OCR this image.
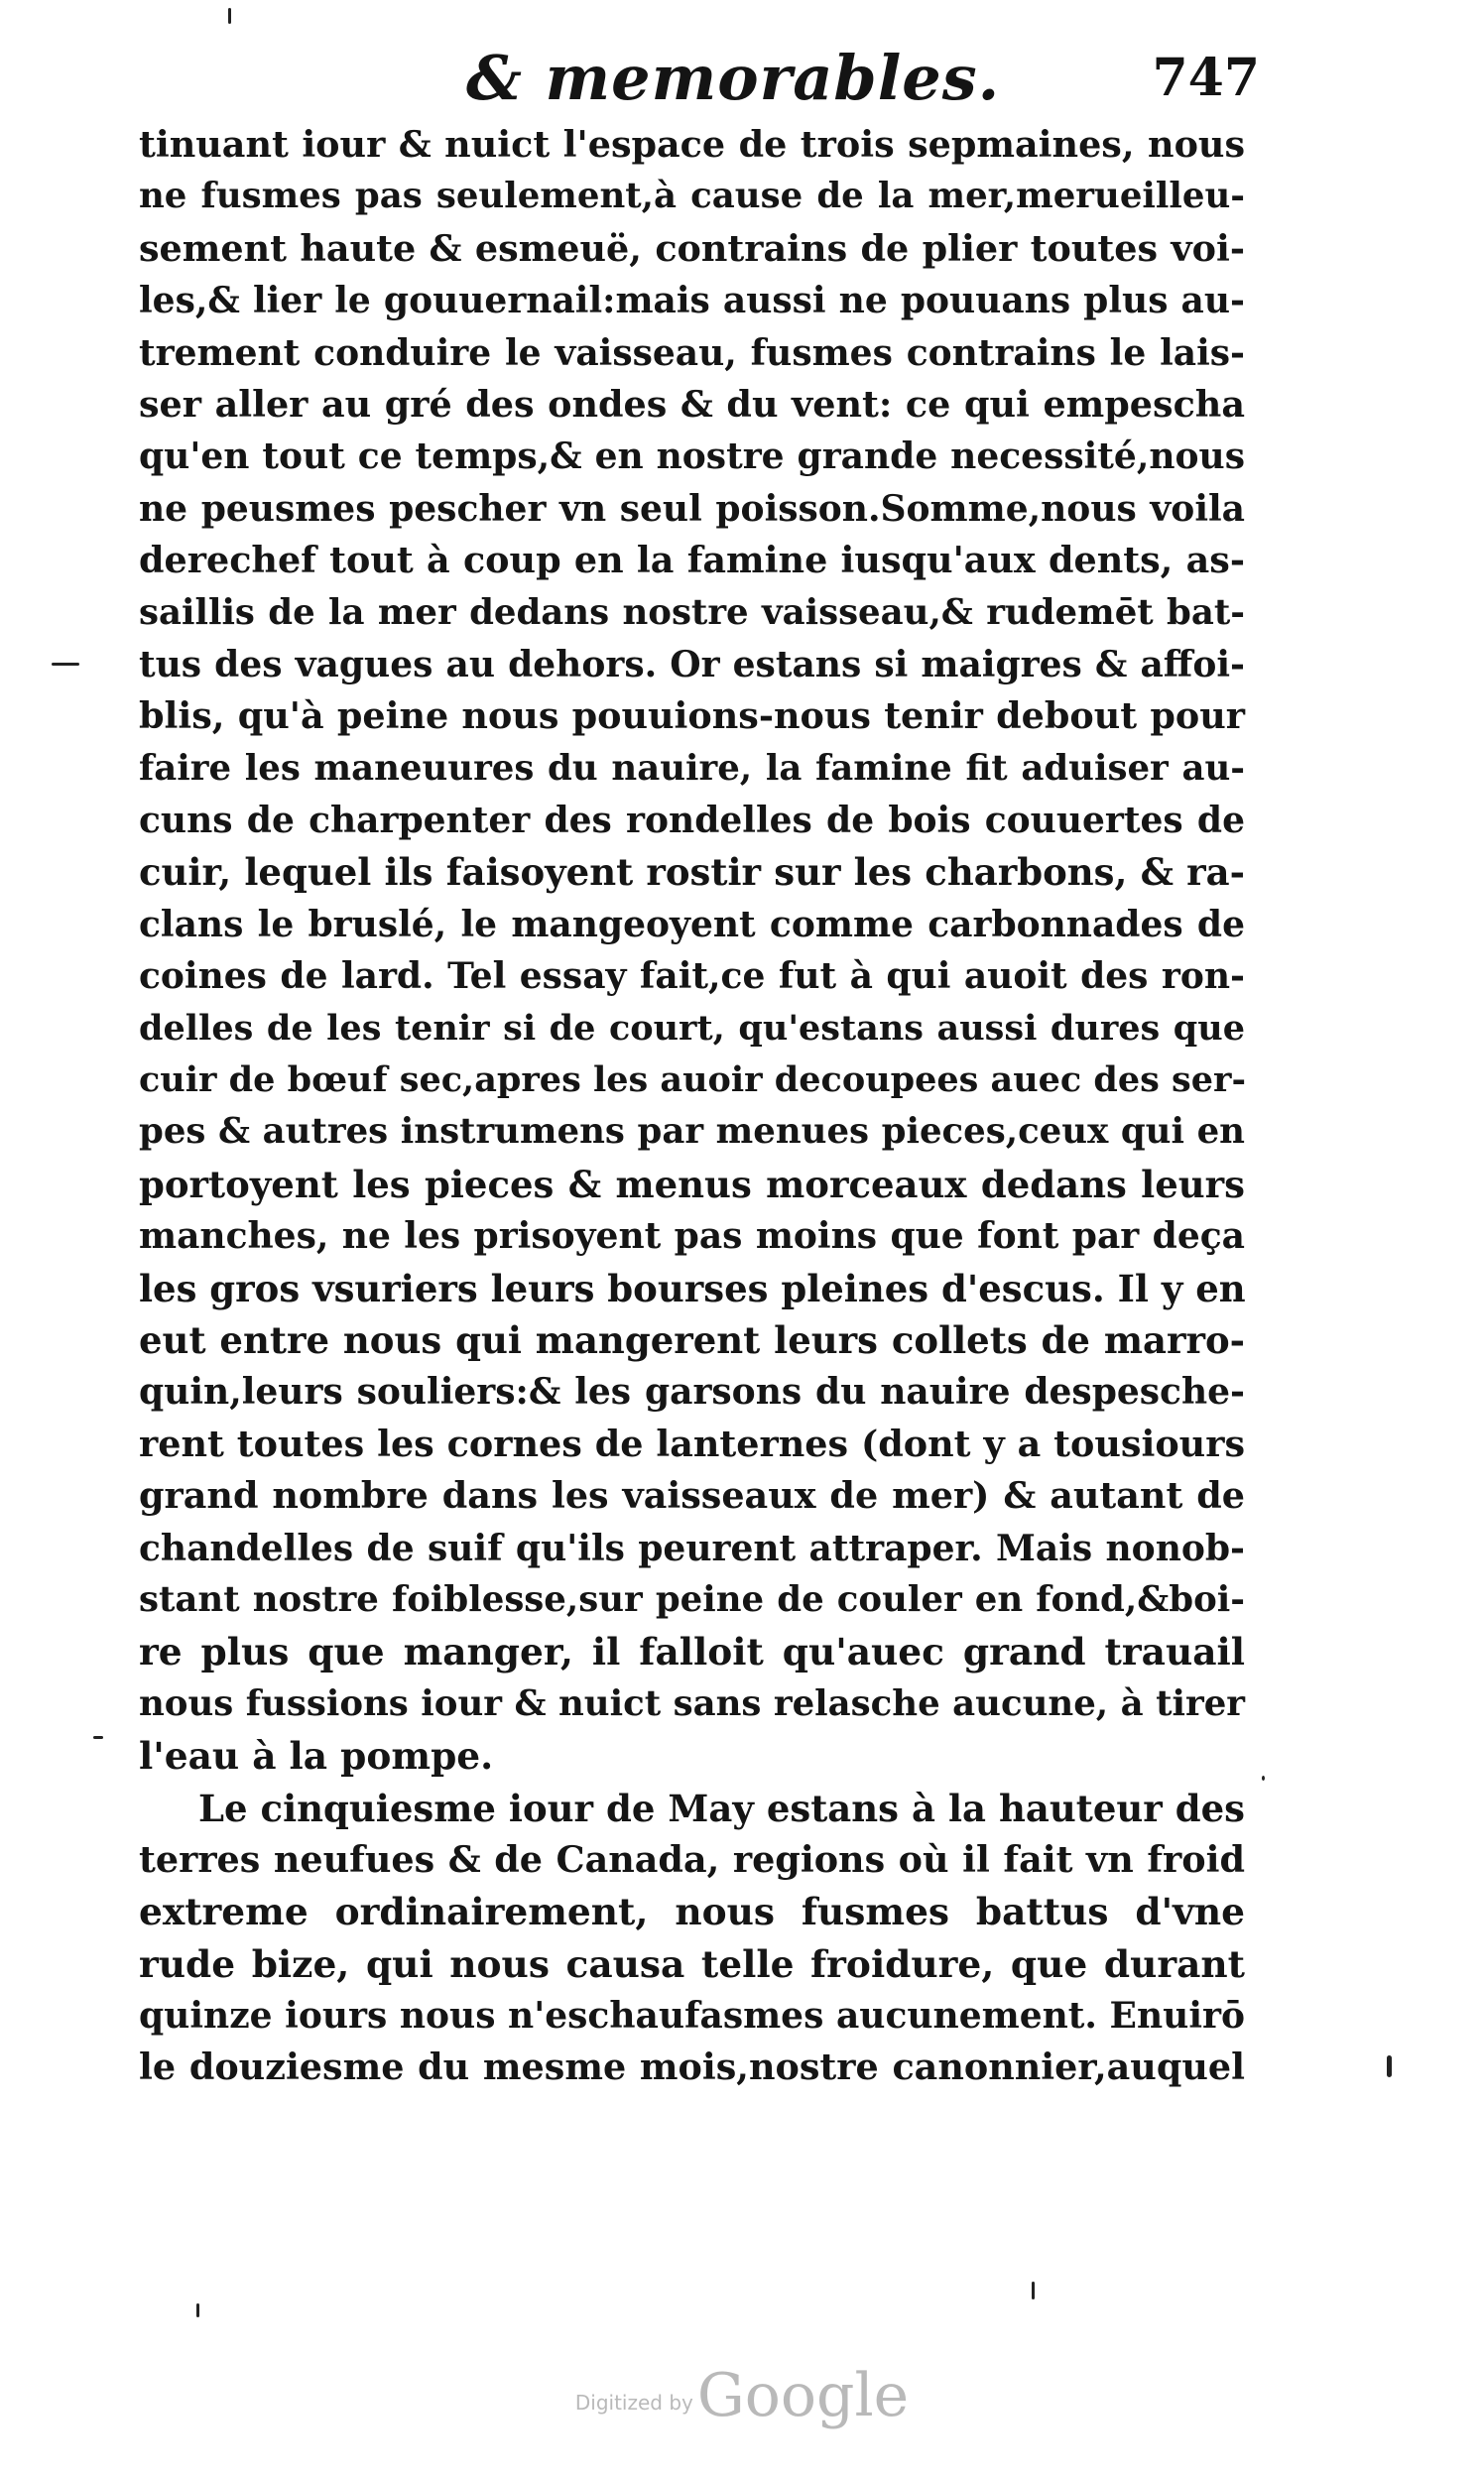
& memorables.	747
tinuant iour & nuict l'espace de trois sepmaines, nous
ne fusmes pas seulement,à cause de la mer,merueilleu-
sement haute & esmeuë, contrains de plier toutes voi-
les,& lier le gouuernail:mais aussi ne pouuans plus au-
trement conduire le vaisseau, fusmes contrains le lais-
ser aller au gré des ondes & du vent: ce qui empescha
qu'en tout ce temps,& en nostre grande necessité,nous
ne peusmes pescher vn seul poisson.Somme,nous voila
derechef tout à coup en la famine iusqu'aux dents, as-
saillis de la mer dedans nostre vaisseau,& rudemēt bat-
tus des vagues au dehors. Or estans si maigres & affoi-
blis, qu'à peine nous pouuions-nous tenir debout pour
faire les maneuures du nauire, la famine fit aduiser au-
cuns de charpenter des rondelles de bois couuertes de
cuir, lequel ils faisoyent rostir sur les charbons, & ra-
clans le bruslé, le mangeoyent comme carbonnades de
coines de lard. Tel essay fait,ce fut à qui auoit des ron-
delles de les tenir si de court, qu'estans aussi dures que
cuir de bœuf sec,apres les auoir decoupees auec des ser-
pes & autres instrumens par menues pieces,ceux qui en
portoyent les pieces & menus morceaux dedans leurs
manches, ne les prisoyent pas moins que font par deça
les gros vsuriers leurs bourses pleines d'escus. Il y en
eut entre nous qui mangerent leurs collets de marro-
quin,leurs souliers:& les garsons du nauire despesche-
rent toutes les cornes de lanternes (dont y a tousiours
grand nombre dans les vaisseaux de mer) & autant de
chandelles de suif qu'ils peurent attraper. Mais nonob-
stant nostre foiblesse,sur peine de couler en fond,&boi-
re plus que manger, il falloit qu'auec grand trauail
nous fussions iour & nuict sans relasche aucune, à tirer
l'eau à la pompe.
Le cinquiesme iour de May estans à la hauteur des
terres neufues & de Canada, regions où il fait vn froid
extreme ordinairement, nous fusmes battus d'vne
rude bize, qui nous causa telle froidure, que durant
quinze iours nous n'eschaufasmes aucunement. Enuirō
le douziesme du mesme mois,nostre canonnier,auquel
Digitized by Google
